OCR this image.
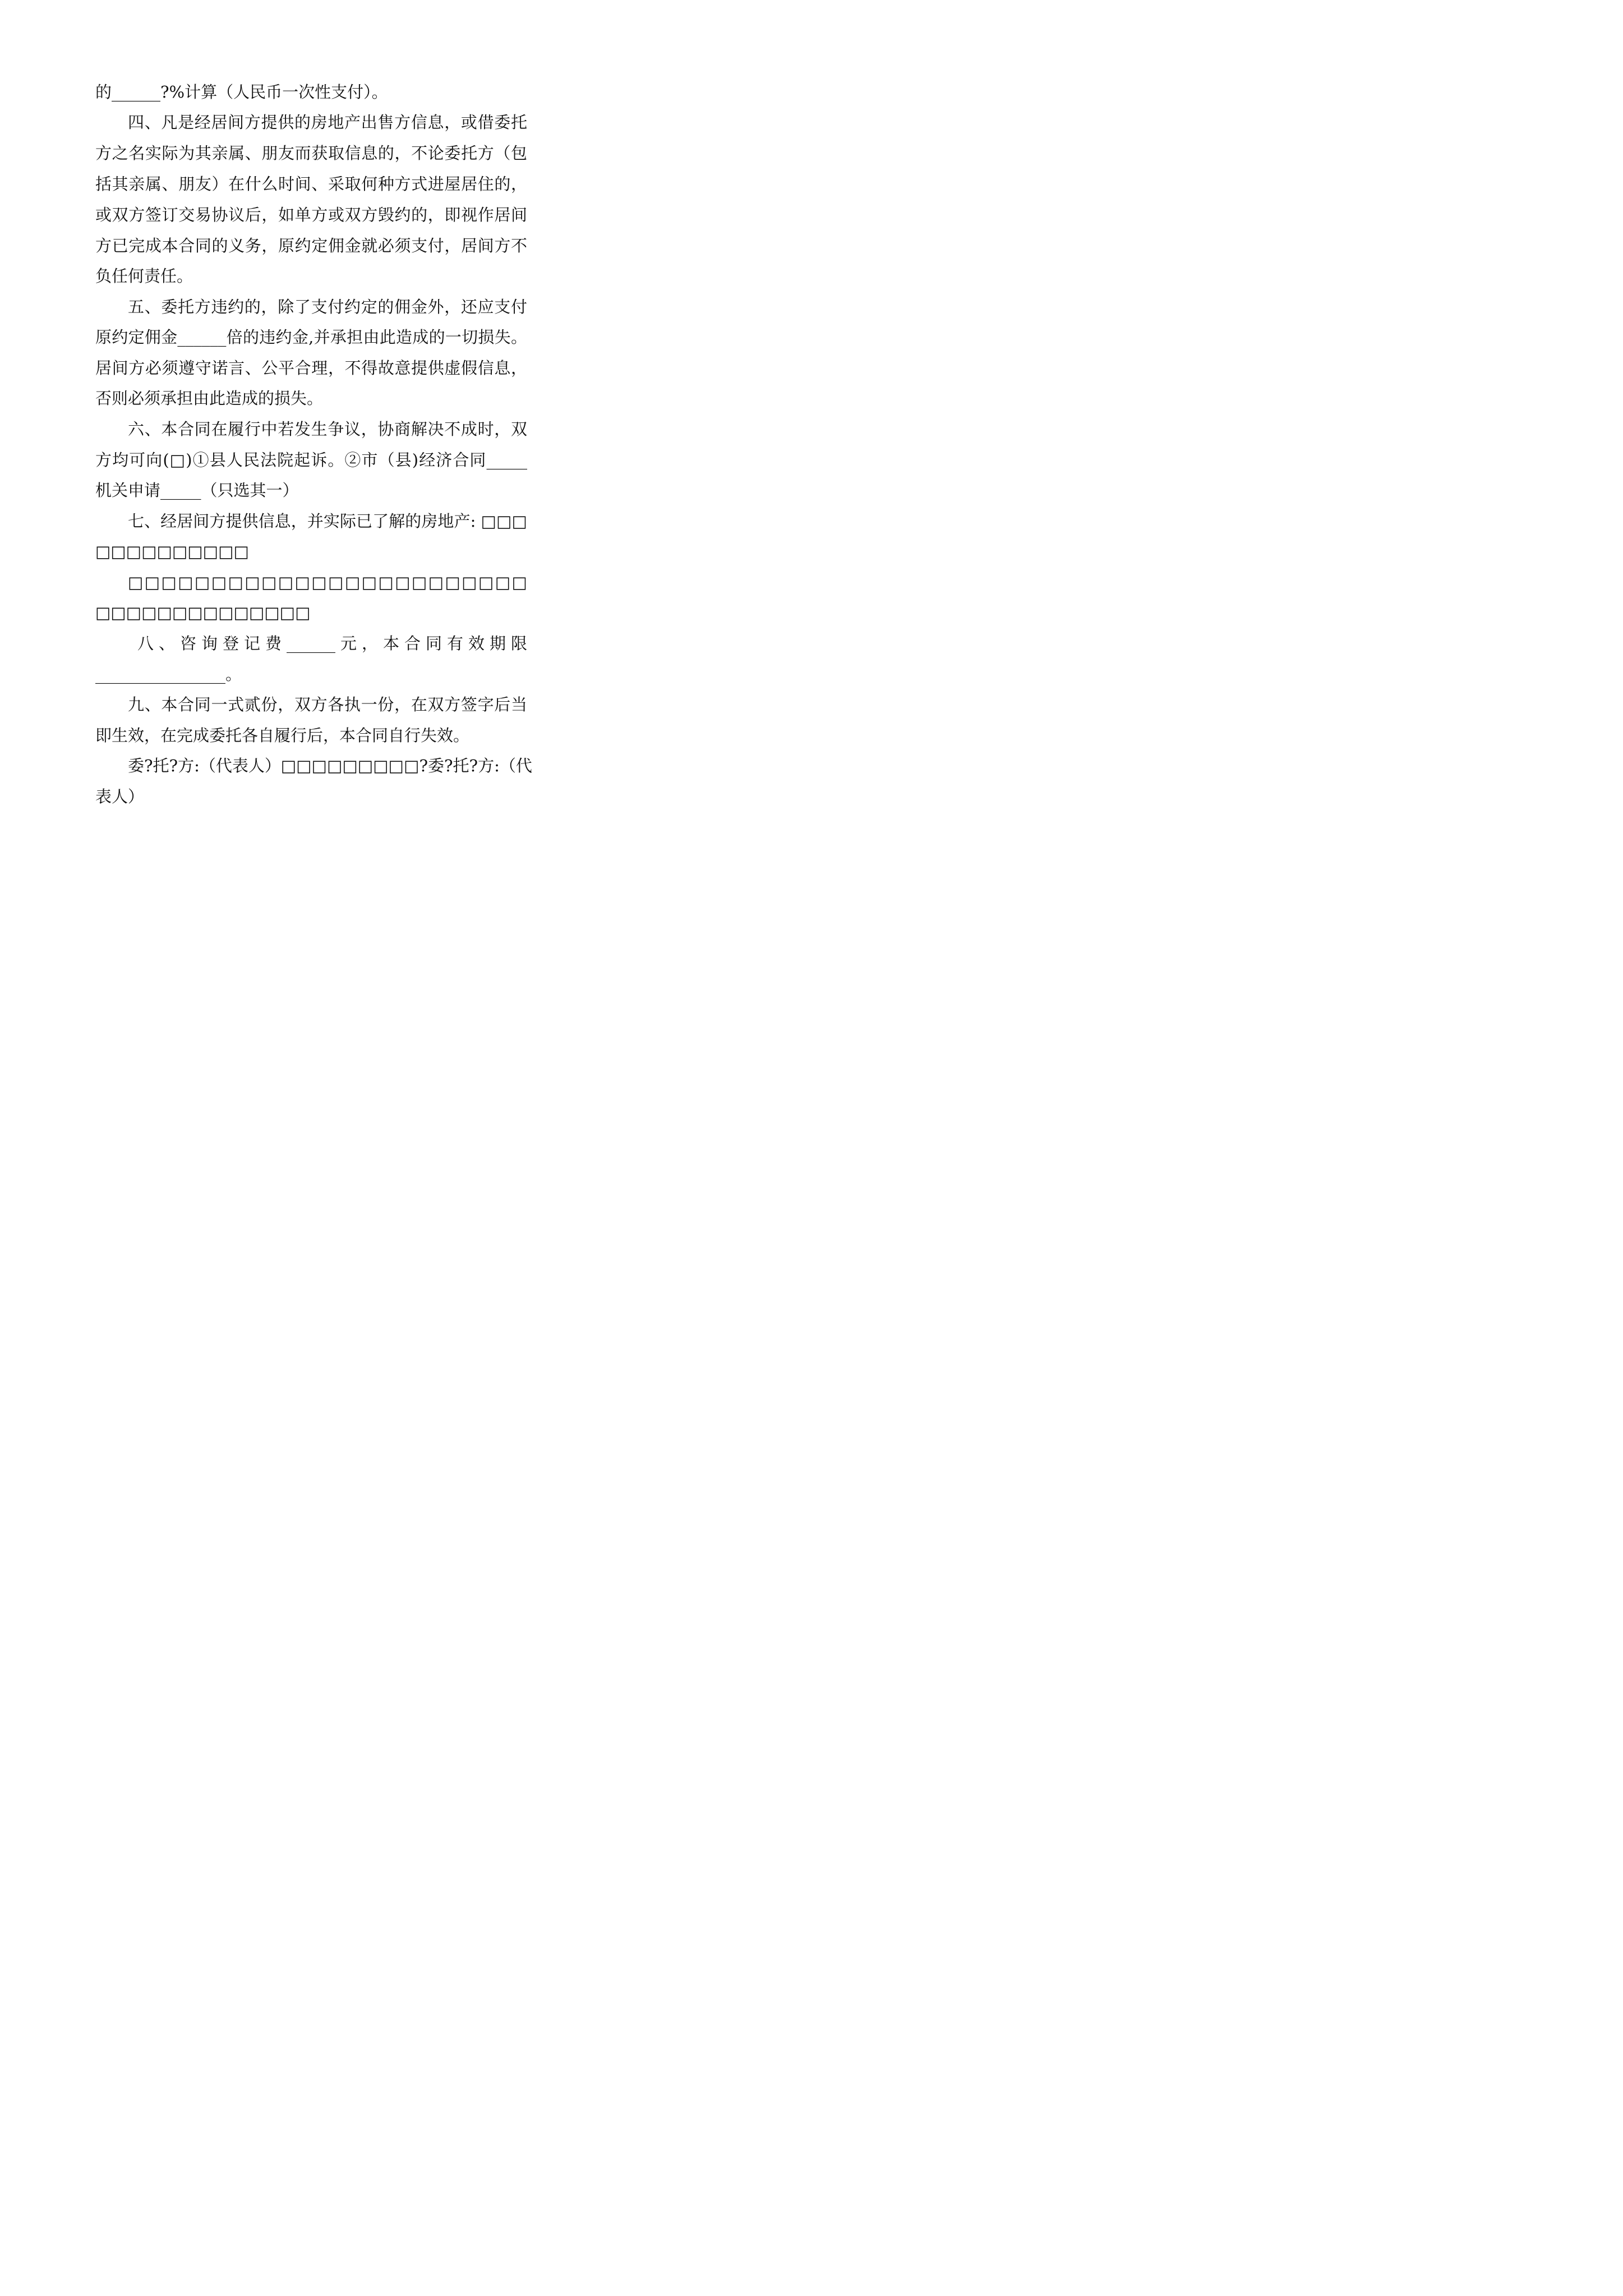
的______?%计算（人民币一次性支付）。
四、凡是经居间方提供的房地产出售方信息，或借委托
方之名实际为其亲属、朋友而获取信息的，不论委托方（包
括其亲属、朋友）在什么时间、采取何种方式进屋居住的，
或双方签订交易协议后，如单方或双方毁约的，即视作居间
方已完成本合同的义务，原约定佣金就必须支付，居间方不
负任何责任。
五、委托方违约的，除了支付约定的佣金外，还应支付
原约定佣金______倍的违约金,并承担由此造成的一切损失。
居间方必须遵守诺言、公平合理，不得故意提供虚假信息，
否则必须承担由此造成的损失。
六、本合同在履行中若发生争议，协商解决不成时，双
方均可向(□)①县人民法院起诉。②市（县)经济合同_____
机关申请_____（只选其一）
七、经居间方提供信息，并实际已了解的房地产: □□□
□□□□□□□□□□
□□□□□□□□□□□□□□□□□□□□□□□□
□□□□□□□□□□□□□□
八、咨询登记费______元，本合同有效期限
________________。
九、本合同一式贰份，双方各执一份，在双方签字后当
即生效，在完成委托各自履行后，本合同自行失效。
委?托?方:（代表人）□□□□□□□□□?委?托?方:（代
表人）
